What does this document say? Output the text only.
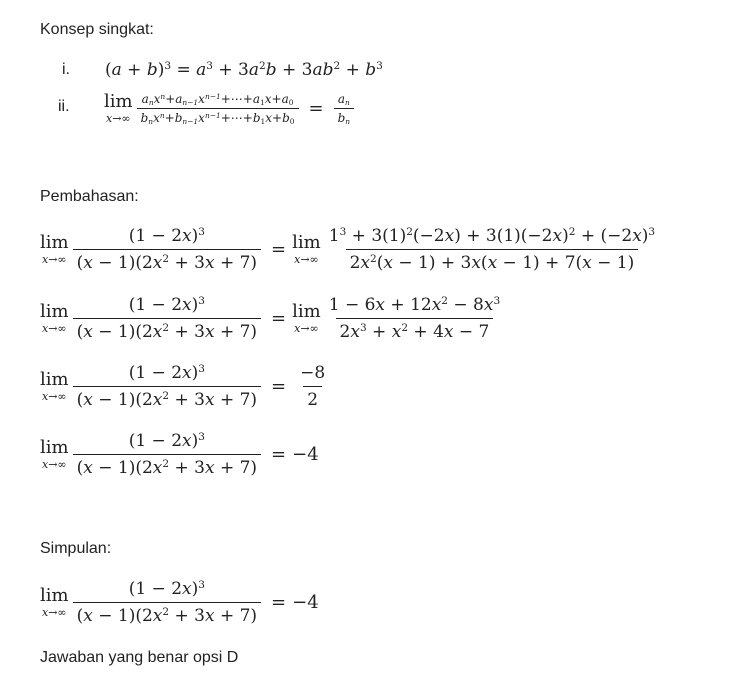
Konsep singkat:
i. $(a + b)^3 = a^3 + 3a^2b + 3ab^2 + b^3$
ii. lim
$x\to\infty \frac{a_nx^n+a_{n-1}x^{n-1}+\cdots+a_1x+a_0}{b_nx^n+b_{n-1}x^{n-1}+\cdots+b_1x+b_0} = \frac{a_n}{b_n}$
Pembahasan:
lim
$x\to\infty \frac{(1 - 2x)^3}{(x - 1)(2x^2 + 3x + 7)} = \lim$
$x\to\infty \frac{1^3 + 3(1)^2(-2x) + 3(1)(-2x)^2 + (-2x)^3}{2x^2(x - 1) + 3x(x - 1) + 7(x - 1)}$
lim
$x\to\infty \frac{(1 - 2x)^3}{(x - 1)(2x^2 + 3x + 7)} = \lim$
$x\to\infty \frac{1 - 6x + 12x^2 - 8x^3}{2x^3 + x^2 + 4x - 7}$
lim
$x\to\infty \frac{(1 - 2x)^3}{(x - 1)(2x^2 + 3x + 7)} = \frac{-8}{2}$
lim
$x\to\infty \frac{(1 - 2x)^3}{(x - 1)(2x^2 + 3x + 7)} = -4$
Simpulan:
lim
$x\to\infty \frac{(1 - 2x)^3}{(x - 1)(2x^2 + 3x + 7)} = -4$
Jawaban yang benar opsi D
